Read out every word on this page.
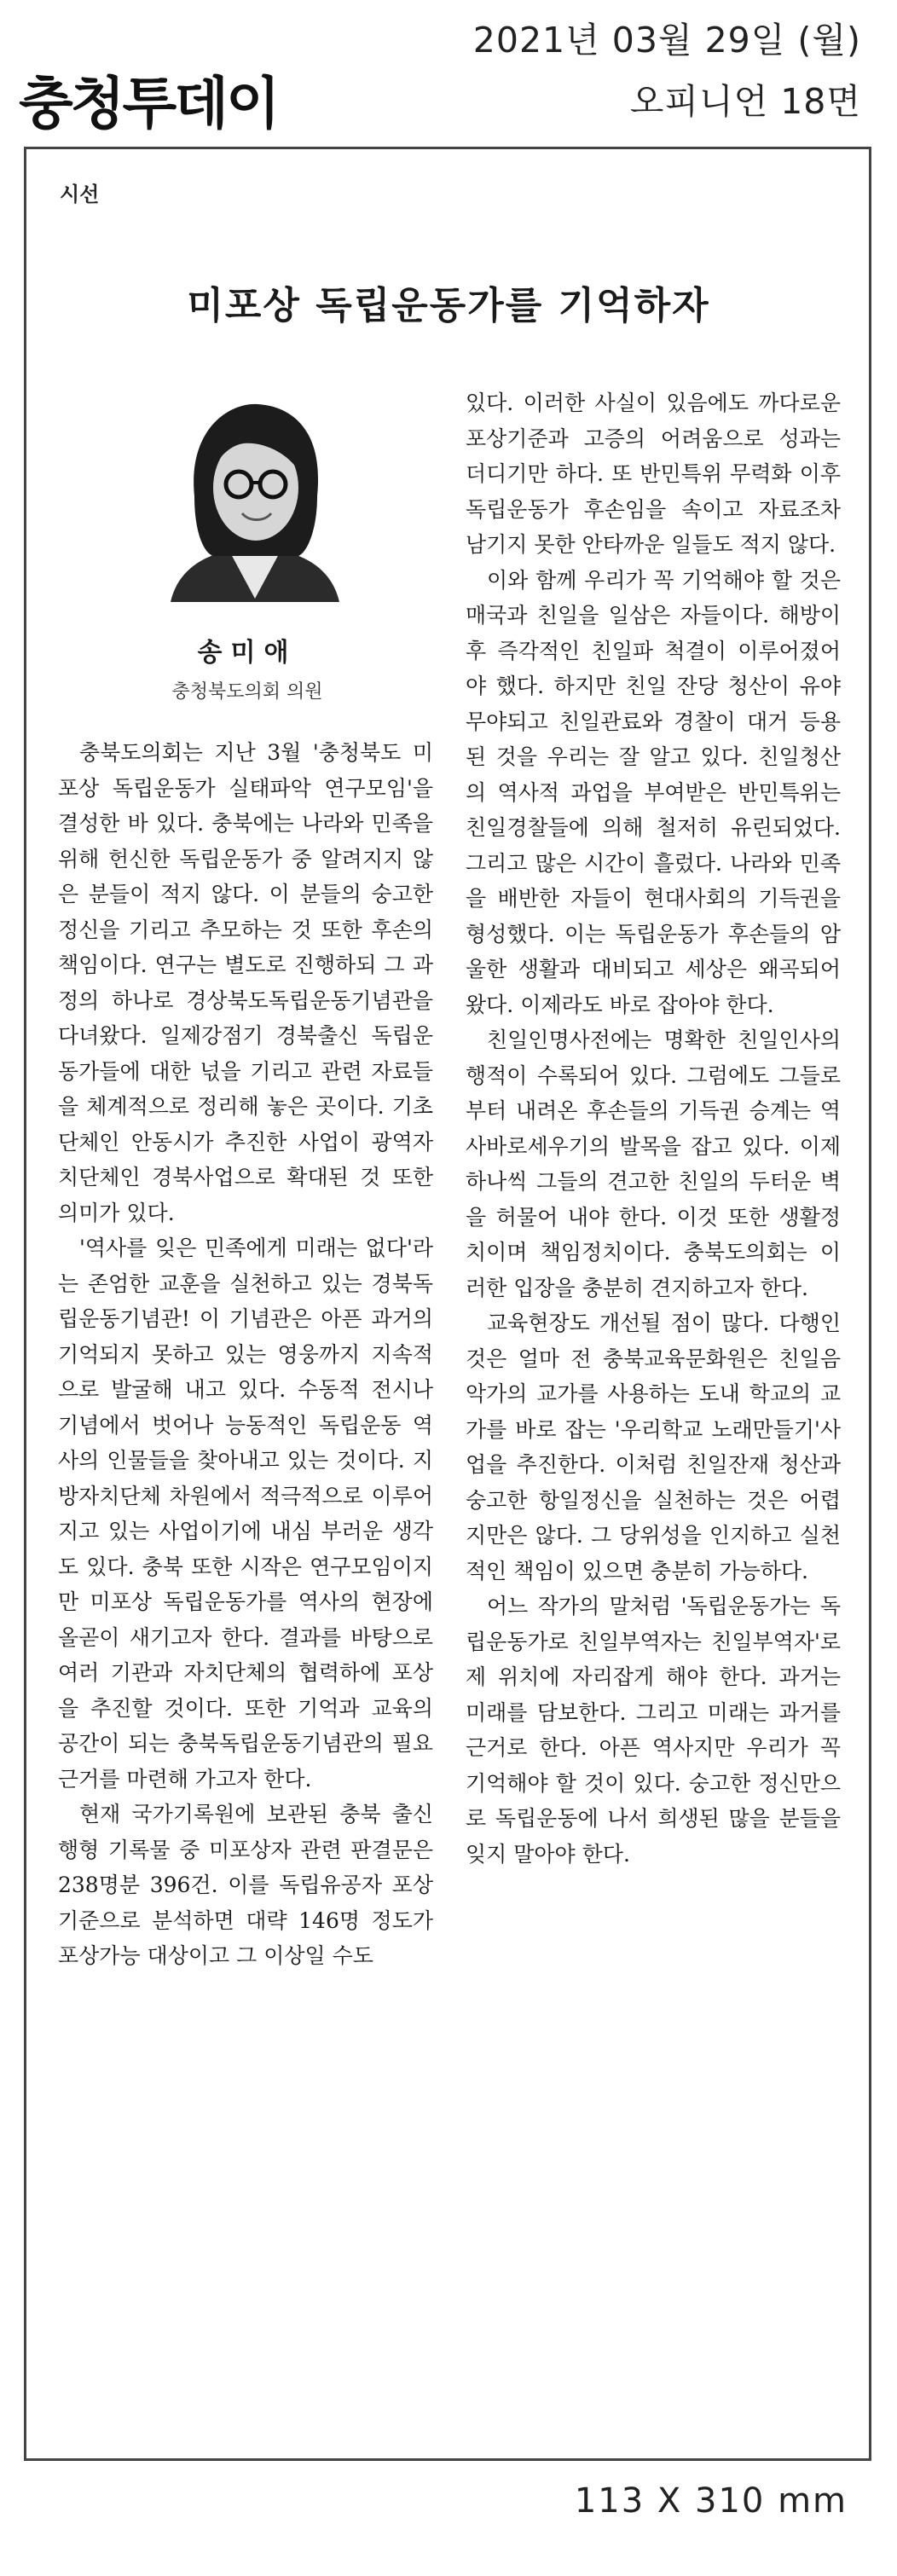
충청투데이
2021년 03월 29일 (월)
오피니언 18면
시선
미포상 독립운동가를 기억하자
송미애
충청북도의회 의원

충북도의회는 지난 3월 '충청북도 미포상 독립운동가 실태파악 연구모임'을 결성한 바 있다. 충북에는 나라와 민족을 위해 헌신한 독립운동가 중 알려지지 않은 분들이 적지 않다. 이 분들의 숭고한 정신을 기리고 추모하는 것 또한 후손의 책임이다. 연구는 별도로 진행하되 그 과정의 하나로 경상북도독립운동기념관을 다녀왔다. 일제강점기 경북출신 독립운동가들에 대한 넋을 기리고 관련 자료들을 체계적으로 정리해 놓은 곳이다. 기초단체인 안동시가 추진한 사업이 광역자치단체인 경북사업으로 확대된 것 또한 의미가 있다.

'역사를 잊은 민족에게 미래는 없다'라는 존엄한 교훈을 실천하고 있는 경북독립운동기념관! 이 기념관은 아픈 과거의 기억되지 못하고 있는 영웅까지 지속적으로 발굴해 내고 있다. 수동적 전시나 기념에서 벗어나 능동적인 독립운동 역사의 인물들을 찾아내고 있는 것이다. 지방자치단체 차원에서 적극적으로 이루어지고 있는 사업이기에 내심 부러운 생각도 있다. 충북 또한 시작은 연구모임이지만 미포상 독립운동가를 역사의 현장에 올곧이 새기고자 한다. 결과를 바탕으로 여러 기관과 자치단체의 협력하에 포상을 추진할 것이다. 또한 기억과 교육의 공간이 되는 충북독립운동기념관의 필요 근거를 마련해 가고자 한다.

현재 국가기록원에 보관된 충북 출신 행형 기록물 중 미포상자 관련 판결문은 238명분 396건. 이를 독립유공자 포상기준으로 분석하면 대략 146명 정도가 포상가능 대상이고 그 이상일 수도

있다. 이러한 사실이 있음에도 까다로운 포상기준과 고증의 어려움으로 성과는 더디기만 하다. 또 반민특위 무력화 이후 독립운동가 후손임을 속이고 자료조차 남기지 못한 안타까운 일들도 적지 않다.

이와 함께 우리가 꼭 기억해야 할 것은 매국과 친일을 일삼은 자들이다. 해방이후 즉각적인 친일파 척결이 이루어졌어야 했다. 하지만 친일 잔당 청산이 유야무야되고 친일관료와 경찰이 대거 등용된 것을 우리는 잘 알고 있다. 친일청산의 역사적 과업을 부여받은 반민특위는 친일경찰들에 의해 철저히 유린되었다. 그리고 많은 시간이 흘렀다. 나라와 민족을 배반한 자들이 현대사회의 기득권을 형성했다. 이는 독립운동가 후손들의 암울한 생활과 대비되고 세상은 왜곡되어 왔다. 이제라도 바로 잡아야 한다.

친일인명사전에는 명확한 친일인사의 행적이 수록되어 있다. 그럼에도 그들로부터 내려온 후손들의 기득권 승계는 역사바로세우기의 발목을 잡고 있다. 이제 하나씩 그들의 견고한 친일의 두터운 벽을 허물어 내야 한다. 이것 또한 생활정치이며 책임정치이다. 충북도의회는 이러한 입장을 충분히 견지하고자 한다.

교육현장도 개선될 점이 많다. 다행인 것은 얼마 전 충북교육문화원은 친일음악가의 교가를 사용하는 도내 학교의 교가를 바로 잡는 '우리학교 노래만들기'사업을 추진한다. 이처럼 친일잔재 청산과 숭고한 항일정신을 실천하는 것은 어렵지만은 않다. 그 당위성을 인지하고 실천적인 책임이 있으면 충분히 가능하다.

어느 작가의 말처럼 '독립운동가는 독립운동가로 친일부역자는 친일부역자'로 제 위치에 자리잡게 해야 한다. 과거는 미래를 담보한다. 그리고 미래는 과거를 근거로 한다. 아픈 역사지만 우리가 꼭 기억해야 할 것이 있다. 숭고한 정신만으로 독립운동에 나서 희생된 많을 분들을 잊지 말아야 한다.

113 X 310 mm
